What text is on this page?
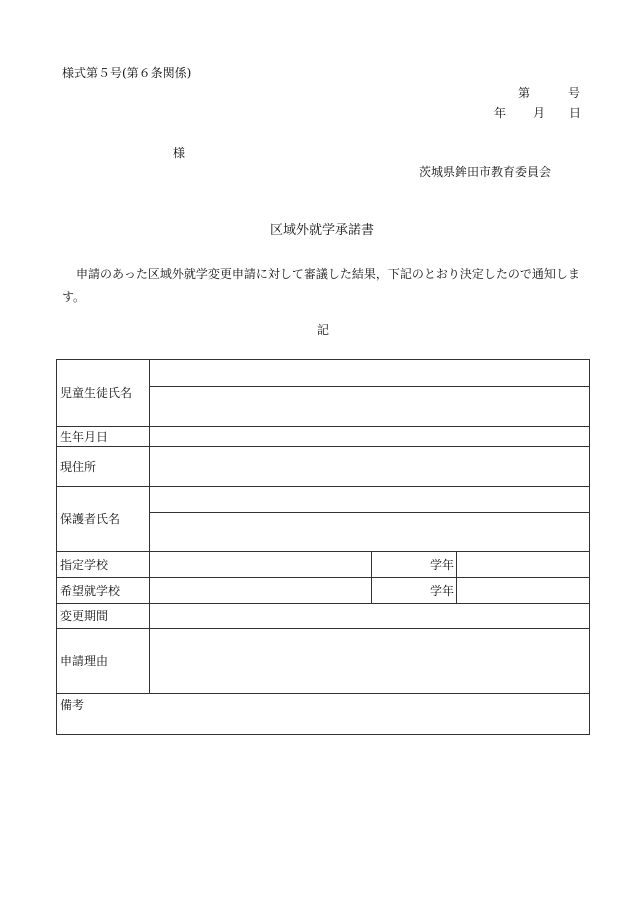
様式第５号(第６条関係)
第	号
年 月 日
様
茨城県鉾田市教育委員会
区域外就学承諾書
申請のあった区域外就学変更申請に対して審議した結果，下記のとおり決定したので通知します。
記
児童生徒氏名			

生年月日			
現住所			
保護者氏名			

指定学校		学年	
希望就学校		学年	
変更期間			
申請理由			
備考			
